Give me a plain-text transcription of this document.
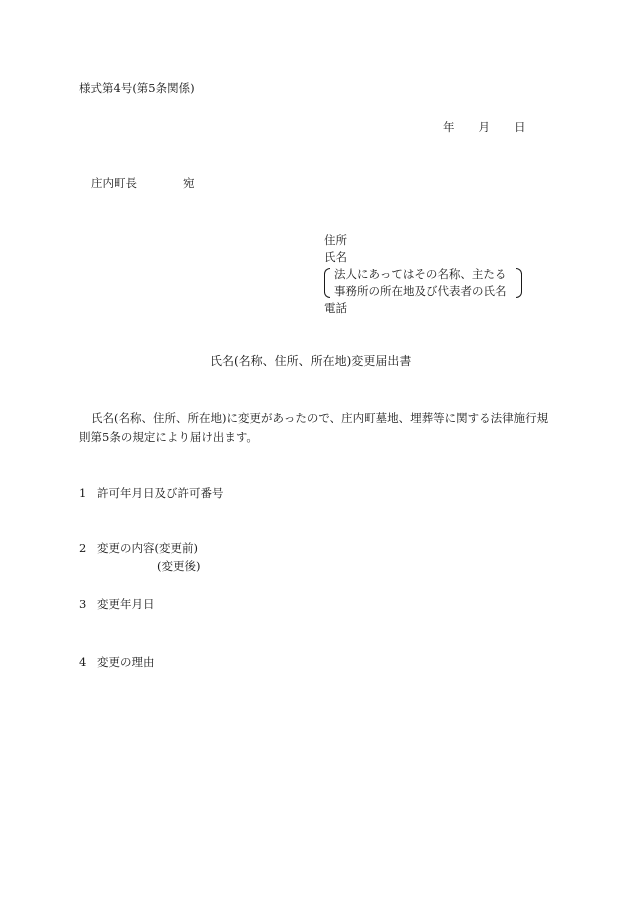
様式第4号(第5条関係)
年 月 日
庄内町長	宛
住所
氏名
法人にあってはその名称、主たる
事務所の所在地及び代表者の氏名
電話
氏名(名称、住所、所在地)変更届出書
氏名(名称、住所、所在地)に変更があったので、庄内町墓地、埋葬等に関する法律施行規則第5条の規定により届け出ます。
1 許可年月日及び許可番号
2 変更の内容(変更前)
(変更後)
3 変更年月日
4 変更の理由
